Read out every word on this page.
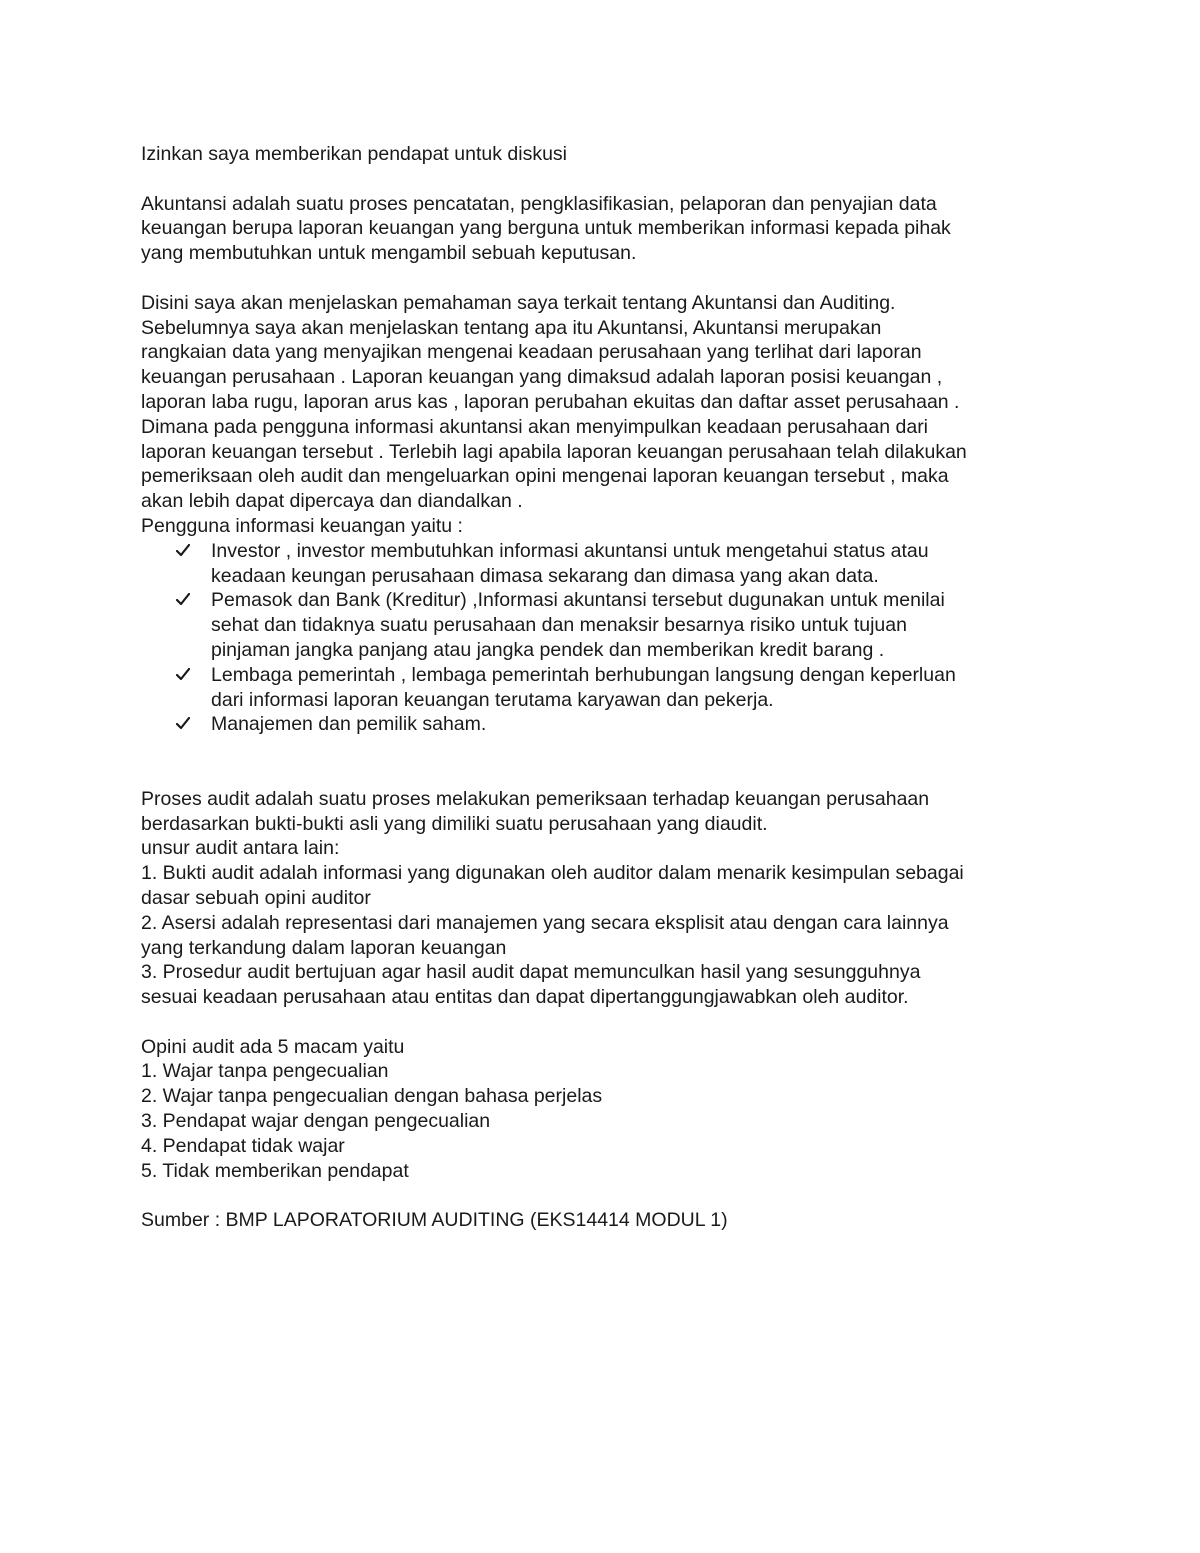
Izinkan saya memberikan pendapat untuk diskusi
Akuntansi adalah suatu proses pencatatan, pengklasifikasian, pelaporan dan penyajian data
keuangan berupa laporan keuangan yang berguna untuk memberikan informasi kepada pihak
yang membutuhkan untuk mengambil sebuah keputusan.
Disini saya akan menjelaskan pemahaman saya terkait tentang Akuntansi dan Auditing.
Sebelumnya saya akan menjelaskan tentang apa itu Akuntansi, Akuntansi merupakan
rangkaian data yang menyajikan mengenai keadaan perusahaan yang terlihat dari laporan
keuangan perusahaan . Laporan keuangan yang dimaksud adalah laporan posisi keuangan ,
laporan laba rugu, laporan arus kas , laporan perubahan ekuitas dan daftar asset perusahaan .
Dimana pada pengguna informasi akuntansi akan menyimpulkan keadaan perusahaan dari
laporan keuangan tersebut . Terlebih lagi apabila laporan keuangan perusahaan telah dilakukan
pemeriksaan oleh audit dan mengeluarkan opini mengenai laporan keuangan tersebut , maka
akan lebih dapat dipercaya dan diandalkan .
Pengguna informasi keuangan yaitu :
Investor , investor membutuhkan informasi akuntansi untuk mengetahui status atau
keadaan keungan perusahaan dimasa sekarang dan dimasa yang akan data.
Pemasok dan Bank (Kreditur) ,Informasi akuntansi tersebut dugunakan untuk menilai
sehat dan tidaknya suatu perusahaan dan menaksir besarnya risiko untuk tujuan
pinjaman jangka panjang atau jangka pendek dan memberikan kredit barang .
Lembaga pemerintah , lembaga pemerintah berhubungan langsung dengan keperluan
dari informasi laporan keuangan terutama karyawan dan pekerja.
Manajemen dan pemilik saham.
Proses audit adalah suatu proses melakukan pemeriksaan terhadap keuangan perusahaan
berdasarkan bukti-bukti asli yang dimiliki suatu perusahaan yang diaudit.
unsur audit antara lain:
1. Bukti audit adalah informasi yang digunakan oleh auditor dalam menarik kesimpulan sebagai
dasar sebuah opini auditor
2. Asersi adalah representasi dari manajemen yang secara eksplisit atau dengan cara lainnya
yang terkandung dalam laporan keuangan
3. Prosedur audit bertujuan agar hasil audit dapat memunculkan hasil yang sesungguhnya
sesuai keadaan perusahaan atau entitas dan dapat dipertanggungjawabkan oleh auditor.
Opini audit ada 5 macam yaitu
1. Wajar tanpa pengecualian
2. Wajar tanpa pengecualian dengan bahasa perjelas
3. Pendapat wajar dengan pengecualian
4. Pendapat tidak wajar
5. Tidak memberikan pendapat
Sumber : BMP LAPORATORIUM AUDITING (EKS14414 MODUL 1)
